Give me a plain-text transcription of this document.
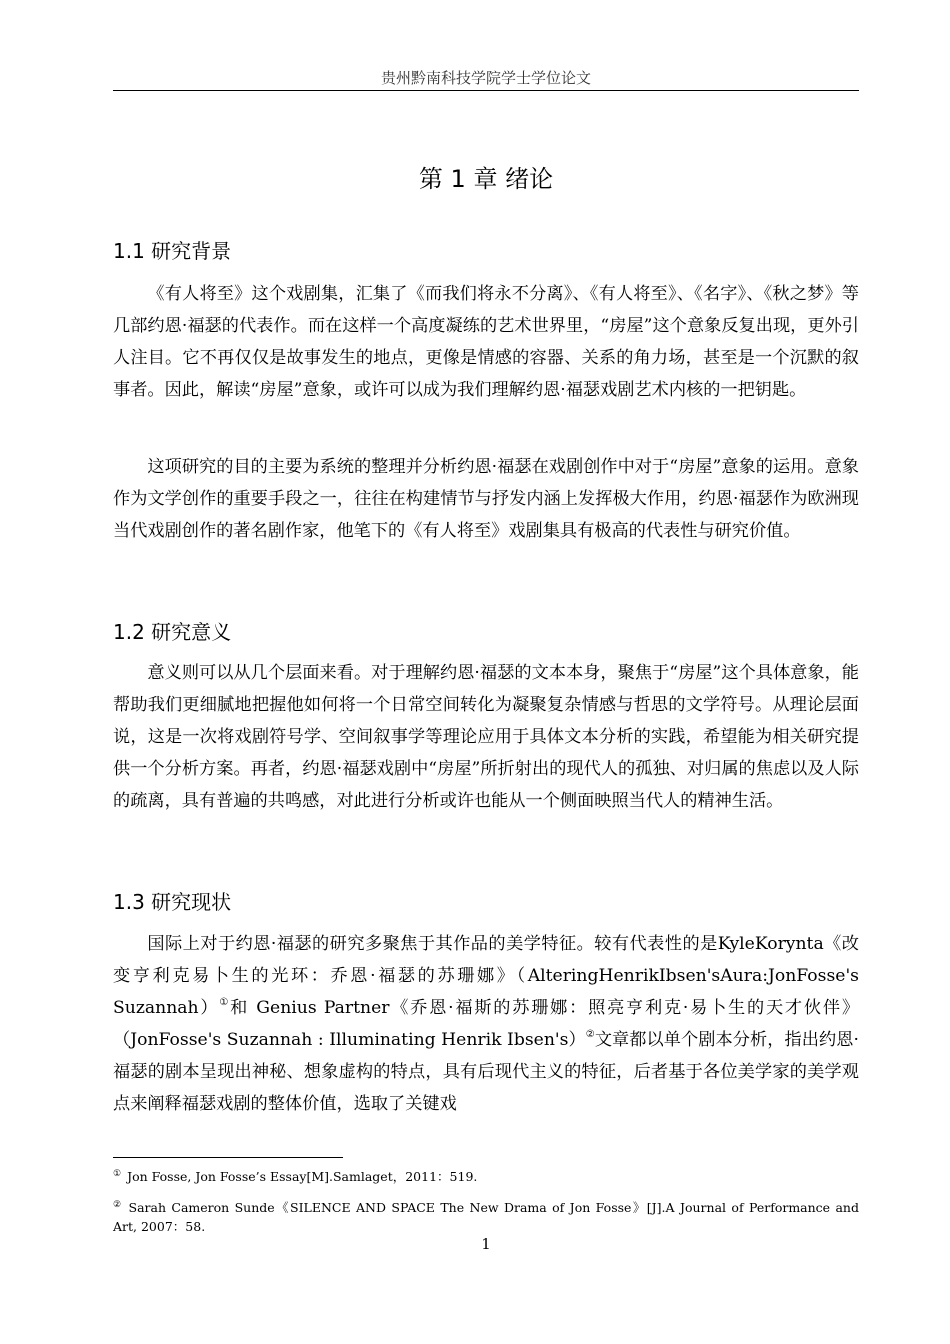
贵州黔南科技学院学士学位论文
第 1 章 绪论
1.1 研究背景

《有人将至》这个戏剧集，汇集了《而我们将永不分离》、《有人将至》、《名字》、《秋之梦》等几部约恩·福瑟的代表作。而在这样一个高度凝练的艺术世界里，“房屋”这个意象反复出现，更外引人注目。它不再仅仅是故事发生的地点，更像是情感的容器、关系的角力场，甚至是一个沉默的叙事者。因此，解读“房屋”意象，或许可以成为我们理解约恩·福瑟戏剧艺术内核的一把钥匙。

这项研究的目的主要为系统的整理并分析约恩·福瑟在戏剧创作中对于“房屋”意象的运用。意象作为文学创作的重要手段之一，往往在构建情节与抒发内涵上发挥极大作用，约恩·福瑟作为欧洲现当代戏剧创作的著名剧作家，他笔下的《有人将至》戏剧集具有极高的代表性与研究价值。

1.2 研究意义

意义则可以从几个层面来看。对于理解约恩·福瑟的文本本身，聚焦于“房屋”这个具体意象，能帮助我们更细腻地把握他如何将一个日常空间转化为凝聚复杂情感与哲思的文学符号。从理论层面说，这是一次将戏剧符号学、空间叙事学等理论应用于具体文本分析的实践，希望能为相关研究提供一个分析方案。再者，约恩·福瑟戏剧中“房屋”所折射出的现代人的孤独、对归属的焦虑以及人际的疏离，具有普遍的共鸣感，对此进行分析或许也能从一个侧面映照当代人的精神生活。

1.3 研究现状

国际上对于约恩·福瑟的研究多聚焦于其作品的美学特征。较有代表性的是KyleKorynta《改变亨利克易卜生的光环：乔恩·福瑟的苏珊娜》（AlteringHenrikIbsen'sAura:JonFosse's Suzannah）①和 Genius Partner《乔恩·福斯的苏珊娜：照亮亨利克·易卜生的天才伙伴》（JonFosse's Suzannah : Illuminating Henrik Ibsen's）②文章都以单个剧本分析，指出约恩·福瑟的剧本呈现出神秘、想象虚构的特点，具有后现代主义的特征，后者基于各位美学家的美学观点来阐释福瑟戏剧的整体价值，选取了关键戏

① Jon Fosse, Jon Fosse’s Essay[M].Samlaget，2011：519.

② Sarah Cameron Sunde《SILENCE AND SPACE The New Drama of Jon Fosse》[J].A Journal of Performance and Art, 2007：58.

1
